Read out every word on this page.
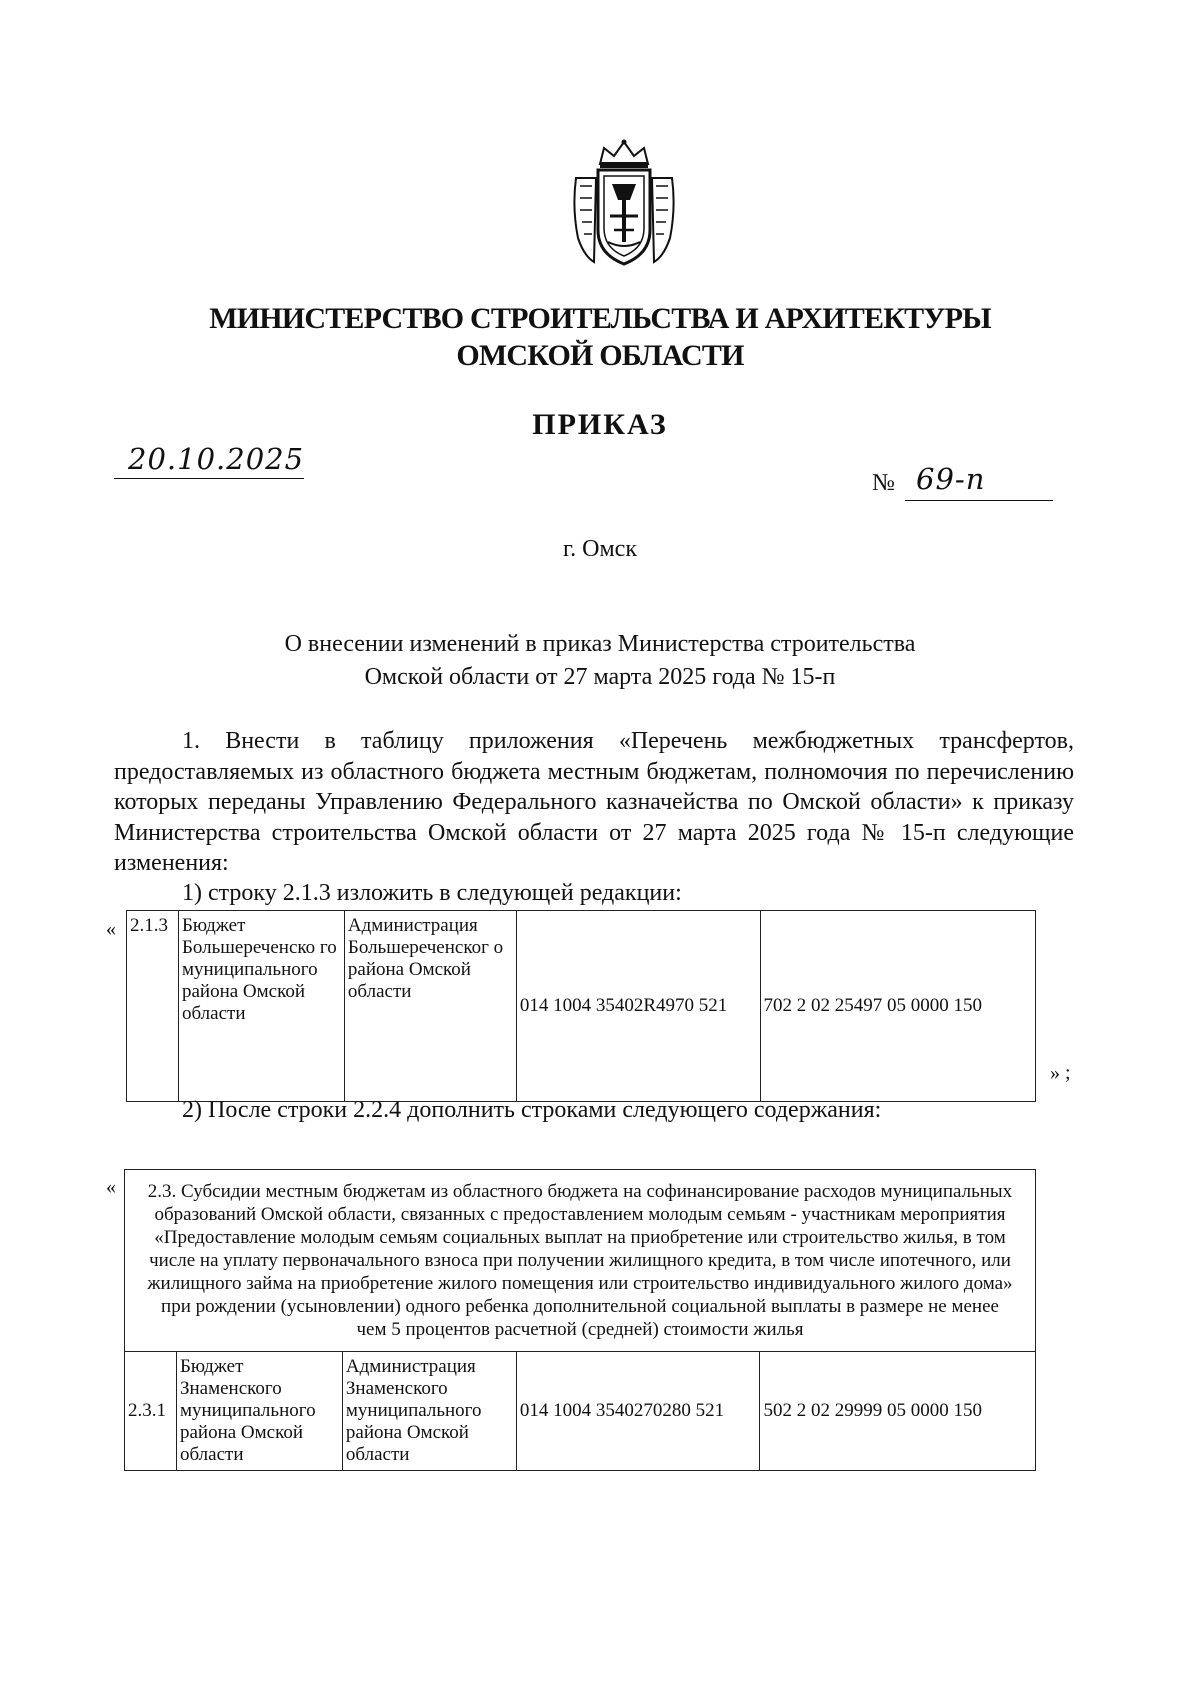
МИНИСТЕРСТВО СТРОИТЕЛЬСТВА И АРХИТЕКТУРЫ
ОМСКОЙ ОБЛАСТИ
ПРИКАЗ
20.10.2025
№ 69-п
г. Омск
О внесении изменений в приказ Министерства строительства
Омской области от 27 марта 2025 года № 15-п
1. Внести в таблицу приложения «Перечень межбюджетных трансфертов, предоставляемых из областного бюджета местным бюджетам, полномочия по перечислению которых переданы Управлению Федерального казначейства по Омской области» к приказу Министерства строительства Омской области от 27 марта 2025 года № 15-п следующие изменения:
1) строку 2.1.3 изложить в следующей редакции:
« 2.1.3	Бюджет Большереченско го муниципального района Омской области	Администрация Большереченског о района Омской области	014 1004 35402R4970 521	702 2 02 25497 05 0000 150
» ;
2) После строки 2.2.4 дополнить строками следующего содержания:
« 2.3. Субсидии местным бюджетам из областного бюджета на софинансирование расходов муниципальных образований Омской области, связанных с предоставлением молодым семьям - участникам мероприятия «Предоставление молодым семьям социальных выплат на приобретение или строительство жилья, в том числе на уплату первоначального взноса при получении жилищного кредита, в том числе ипотечного, или жилищного займа на приобретение жилого помещения или строительство индивидуального жилого дома» при рождении (усыновлении) одного ребенка дополнительной социальной выплаты в размере не менее чем 5 процентов расчетной (средней) стоимости жилья
2.3.1	Бюджет Знаменского муниципального района Омской области	Администрация Знаменского муниципального района Омской области	014 1004 3540270280 521	502 2 02 29999 05 0000 150
